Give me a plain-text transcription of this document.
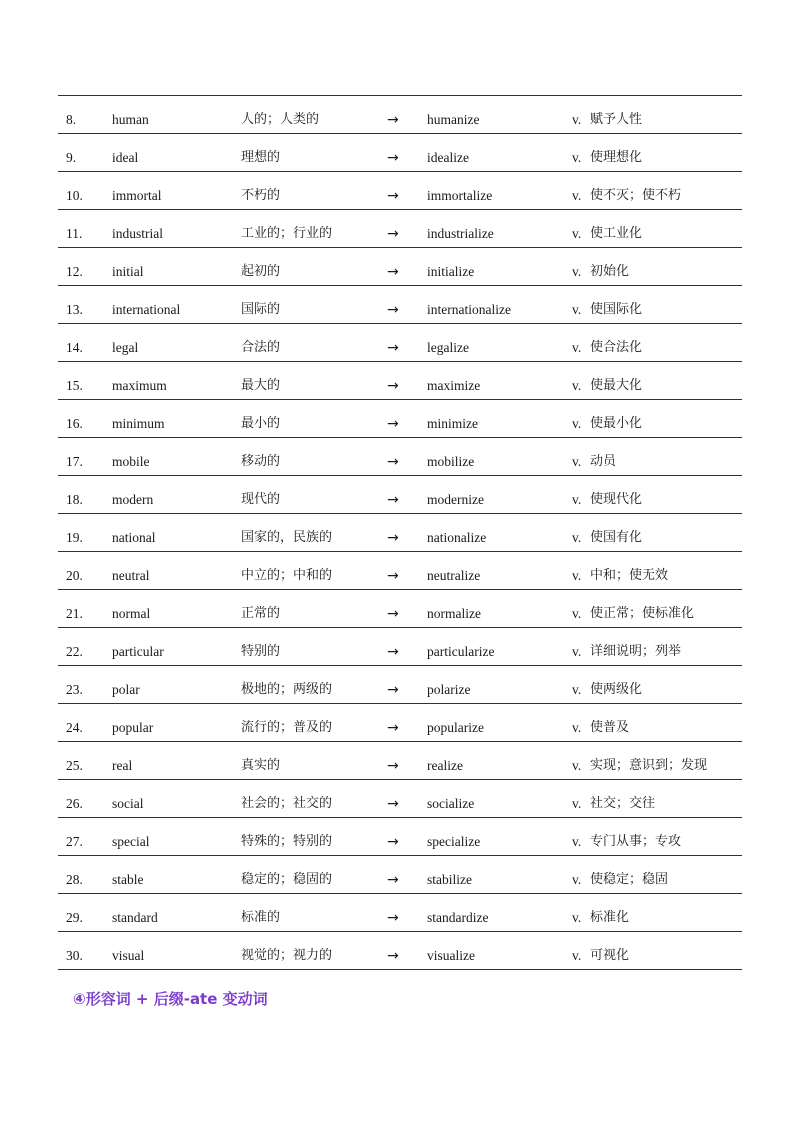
8.	human	人的；人类的	→ humanize	v. 赋予人性
9.	ideal	理想的	→ idealize	v. 使理想化
10. immortal	不朽的	→ immortalize	v. 使不灭；使不朽
11. industrial	工业的；行业的	→ industrialize	v. 使工业化
12. initial	起初的	→ initialize	v. 初始化
13. international	国际的	→ internationalize	v. 使国际化
14. legal	合法的	→ legalize	v. 使合法化
15. maximum	最大的	→ maximize	v. 使最大化
16. minimum	最小的	→ minimize	v. 使最小化
17. mobile	移动的	→ mobilize	v. 动员
18. modern	现代的	→ modernize	v. 使现代化
19. national	国家的，民族的	→ nationalize	v. 使国有化
20. neutral	中立的；中和的	→ neutralize	v. 中和；使无效
21. normal	正常的	→ normalize	v. 使正常；使标准化
22. particular	特别的	→ particularize	v. 详细说明；列举
23. polar	极地的；两级的	→ polarize	v. 使两级化
24. popular	流行的；普及的	→ popularize	v. 使普及
25. real	真实的	→ realize	v. 实现；意识到；发现
26. social	社会的；社交的	→ socialize	v. 社交；交往
27. special	特殊的；特别的	→ specialize	v. 专门从事；专攻
28. stable	稳定的；稳固的	→ stabilize	v. 使稳定；稳固
29. standard	标准的	→ standardize	v. 标准化
30. visual	视觉的；视力的	→ visualize	v. 可视化
④形容词 + 后缀-ate 变动词
